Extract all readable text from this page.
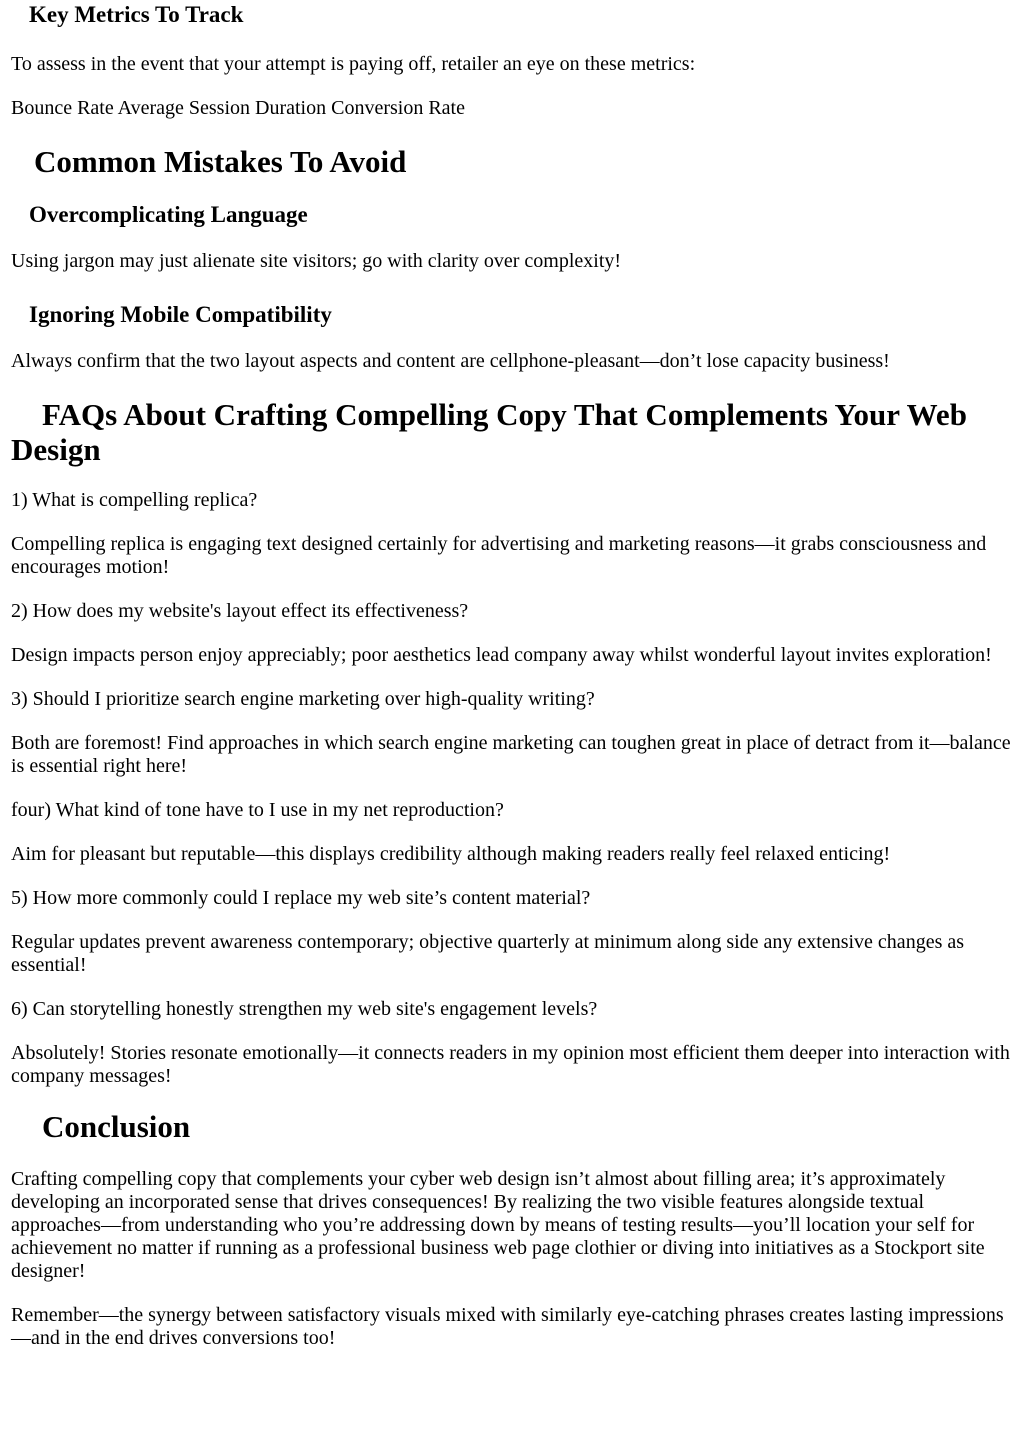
Key Metrics To Track

To assess in the event that your attempt is paying off, retailer an eye on these metrics:

Bounce Rate Average Session Duration Conversion Rate

Common Mistakes To Avoid
Overcomplicating Language

Using jargon may just alienate site visitors; go with clarity over complexity!

Ignoring Mobile Compatibility

Always confirm that the two layout aspects and content are cellphone-pleasant—don’t lose capacity business!

FAQs About Crafting Compelling Copy That Complements Your Web Design

1) What is compelling replica?

Compelling replica is engaging text designed certainly for advertising and marketing reasons—it grabs consciousness and encourages motion!

2) How does my website's layout effect its effectiveness?

Design impacts person enjoy appreciably; poor aesthetics lead company away whilst wonderful layout invites exploration!

3) Should I prioritize search engine marketing over high-quality writing?

Both are foremost! Find approaches in which search engine marketing can toughen great in place of detract from it—balance is essential right here!

four) What kind of tone have to I use in my net reproduction?

Aim for pleasant but reputable—this displays credibility although making readers really feel relaxed enticing!

5) How more commonly could I replace my web site’s content material?

Regular updates prevent awareness contemporary; objective quarterly at minimum along side any extensive changes as essential!

6) Can storytelling honestly strengthen my web site's engagement levels?

Absolutely! Stories resonate emotionally—it connects readers in my opinion most efficient them deeper into interaction with company messages!

Conclusion

Crafting compelling copy that complements your cyber web design isn’t almost about filling area; it’s approximately developing an incorporated sense that drives consequences! By realizing the two visible features alongside textual approaches—from understanding who you’re addressing down by means of testing results—you’ll location your self for achievement no matter if running as a professional business web page clothier or diving into initiatives as a Stockport site designer!

Remember—the synergy between satisfactory visuals mixed with similarly eye-catching phrases creates lasting impressions—and in the end drives conversions too!
